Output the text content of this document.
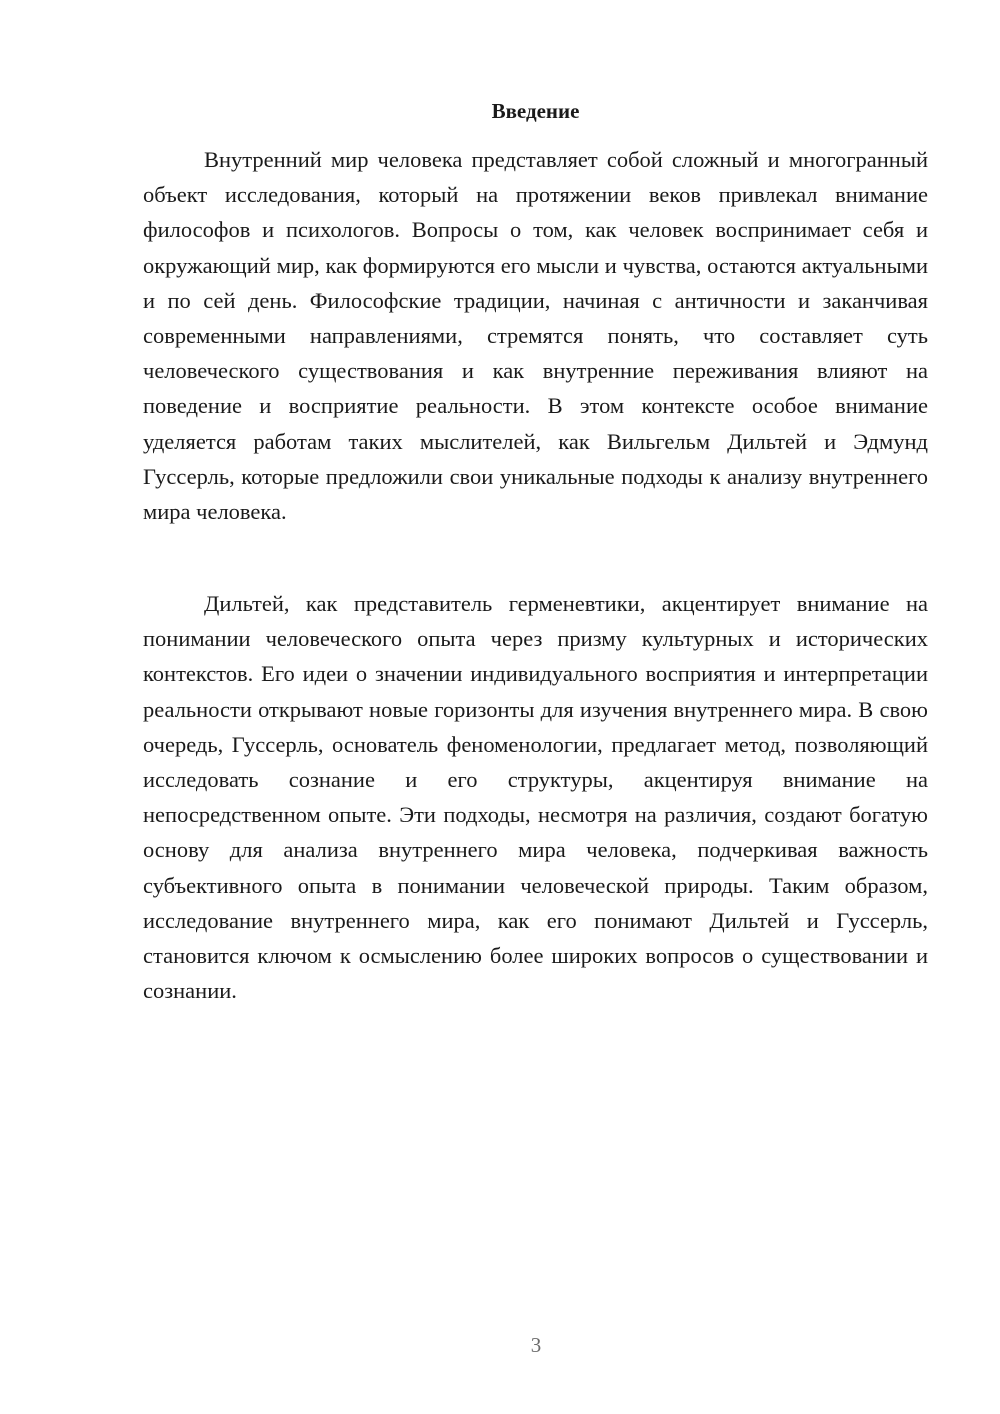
Введение

Внутренний мир человека представляет собой сложный и многогранный объект исследования, который на протяжении веков привлекал внимание философов и психологов. Вопросы о том, как человек воспринимает себя и окружающий мир, как формируются его мысли и чувства, остаются актуальными и по сей день. Философские традиции, начиная с античности и заканчивая современными направлениями, стремятся понять, что составляет суть человеческого существования и как внутренние переживания влияют на поведение и восприятие реальности. В этом контексте особое внимание уделяется работам таких мыслителей, как Вильгельм Дильтей и Эдмунд Гуссерль, которые предложили свои уникальные подходы к анализу внутреннего мира человека.

Дильтей, как представитель герменевтики, акцентирует внимание на понимании человеческого опыта через призму культурных и исторических контекстов. Его идеи о значении индивидуального восприятия и интерпретации реальности открывают новые горизонты для изучения внутреннего мира. В свою очередь, Гуссерль, основатель феноменологии, предлагает метод, позволяющий исследовать сознание и его структуры, акцентируя внимание на непосредственном опыте. Эти подходы, несмотря на различия, создают богатую основу для анализа внутреннего мира человека, подчеркивая важность субъективного опыта в понимании человеческой природы. Таким образом, исследование внутреннего мира, как его понимают Дильтей и Гуссерль, становится ключом к осмыслению более широких вопросов о существовании и сознании.

3
